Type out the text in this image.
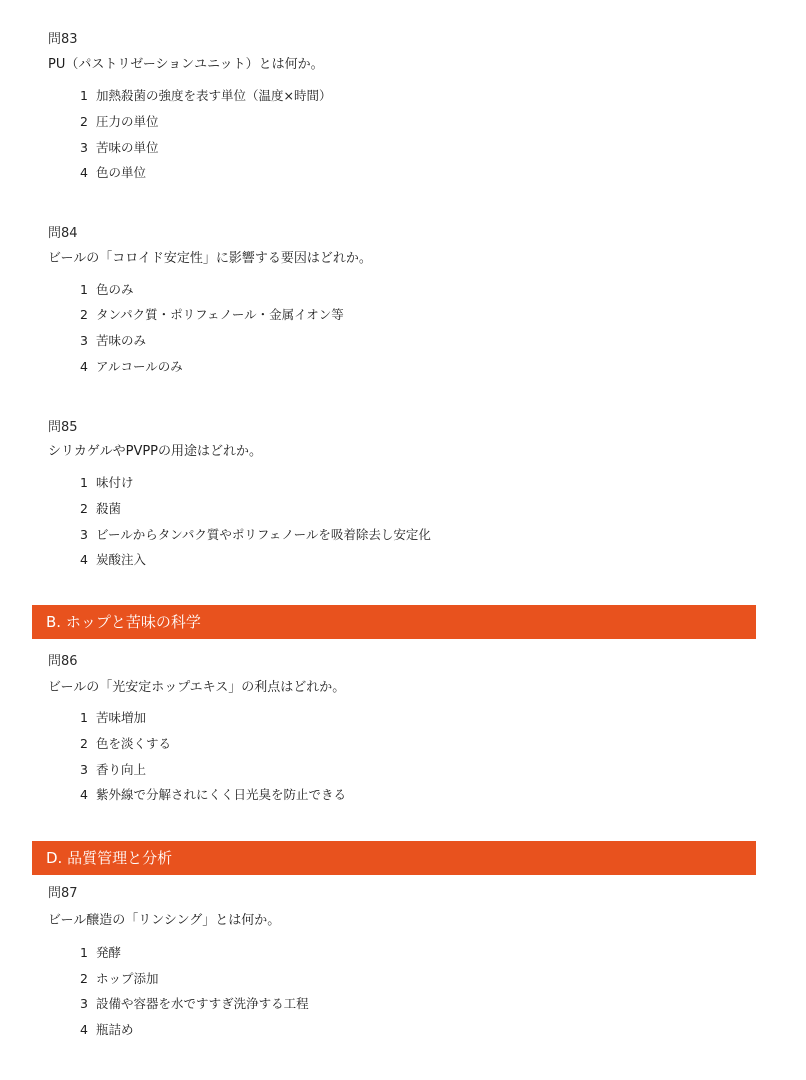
問83
PU（パストリゼーションユニット）とは何か。
1 加熱殺菌の強度を表す単位（温度×時間）
2 圧力の単位
3 苦味の単位
4 色の単位
問84
ビールの「コロイド安定性」に影響する要因はどれか。
1 色のみ
2 タンパク質・ポリフェノール・金属イオン等
3 苦味のみ
4 アルコールのみ
問85
シリカゲルやPVPPの用途はどれか。
1 味付け
2 殺菌
3 ビールからタンパク質やポリフェノールを吸着除去し安定化
4 炭酸注入
B. ホップと苦味の科学
問86
ビールの「光安定ホップエキス」の利点はどれか。
1 苦味増加
2 色を淡くする
3 香り向上
4 紫外線で分解されにくく日光臭を防止できる
D. 品質管理と分析
問87
ビール醸造の「リンシング」とは何か。
1 発酵
2 ホップ添加
3 設備や容器を水ですすぎ洗浄する工程
4 瓶詰め
